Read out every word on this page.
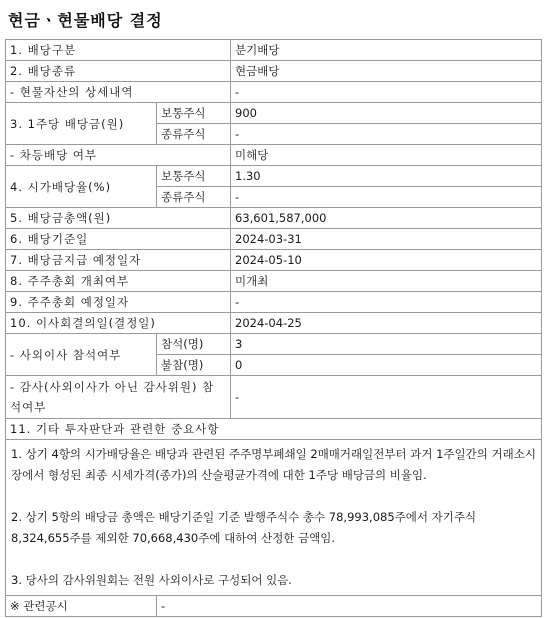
현금ㆍ현물배당 결정
1. 배당구분		분기배당
2. 배당종류		현금배당
- 현물자산의 상세내역		-
3. 1주당 배당금(원)	보통주식	900
	종류주식	-
- 차등배당 여부		미해당
4. 시가배당율(%)	보통주식	1.30
	종류주식	-
5. 배당금총액(원)		63,601,587,000
6. 배당기준일		2024-03-31
7. 배당금지급 예정일자		2024-05-10
8. 주주총회 개최여부		미개최
9. 주주총회 예정일자		-
10. 이사회결의일(결정일)		2024-04-25
- 사외이사 참석여부	참석(명)	3
	불참(명)	0
- 감사(사외이사가 아닌 감사위원) 참석여부		-
11. 기타 투자판단과 관련한 중요사항		

1. 상기 4항의 시가배당율은 배당과 관련된 주주명부폐쇄일 2매매거래일전부터 과거 1주일간의 거래소시장에서 형성된 최종 시세가격(종가)의 산술평균가격에 대한 1주당 배당금의 비율임.

2. 상기 5항의 배당금 총액은 배당기준일 기준 발행주식수 총수 78,993,085주에서 자기주식 8,324,655주를 제외한 70,668,430주에 대하여 산정한 금액임.

3. 당사의 감사위원회는 전원 사외이사로 구성되어 있음.		

※ 관련공시	-	
